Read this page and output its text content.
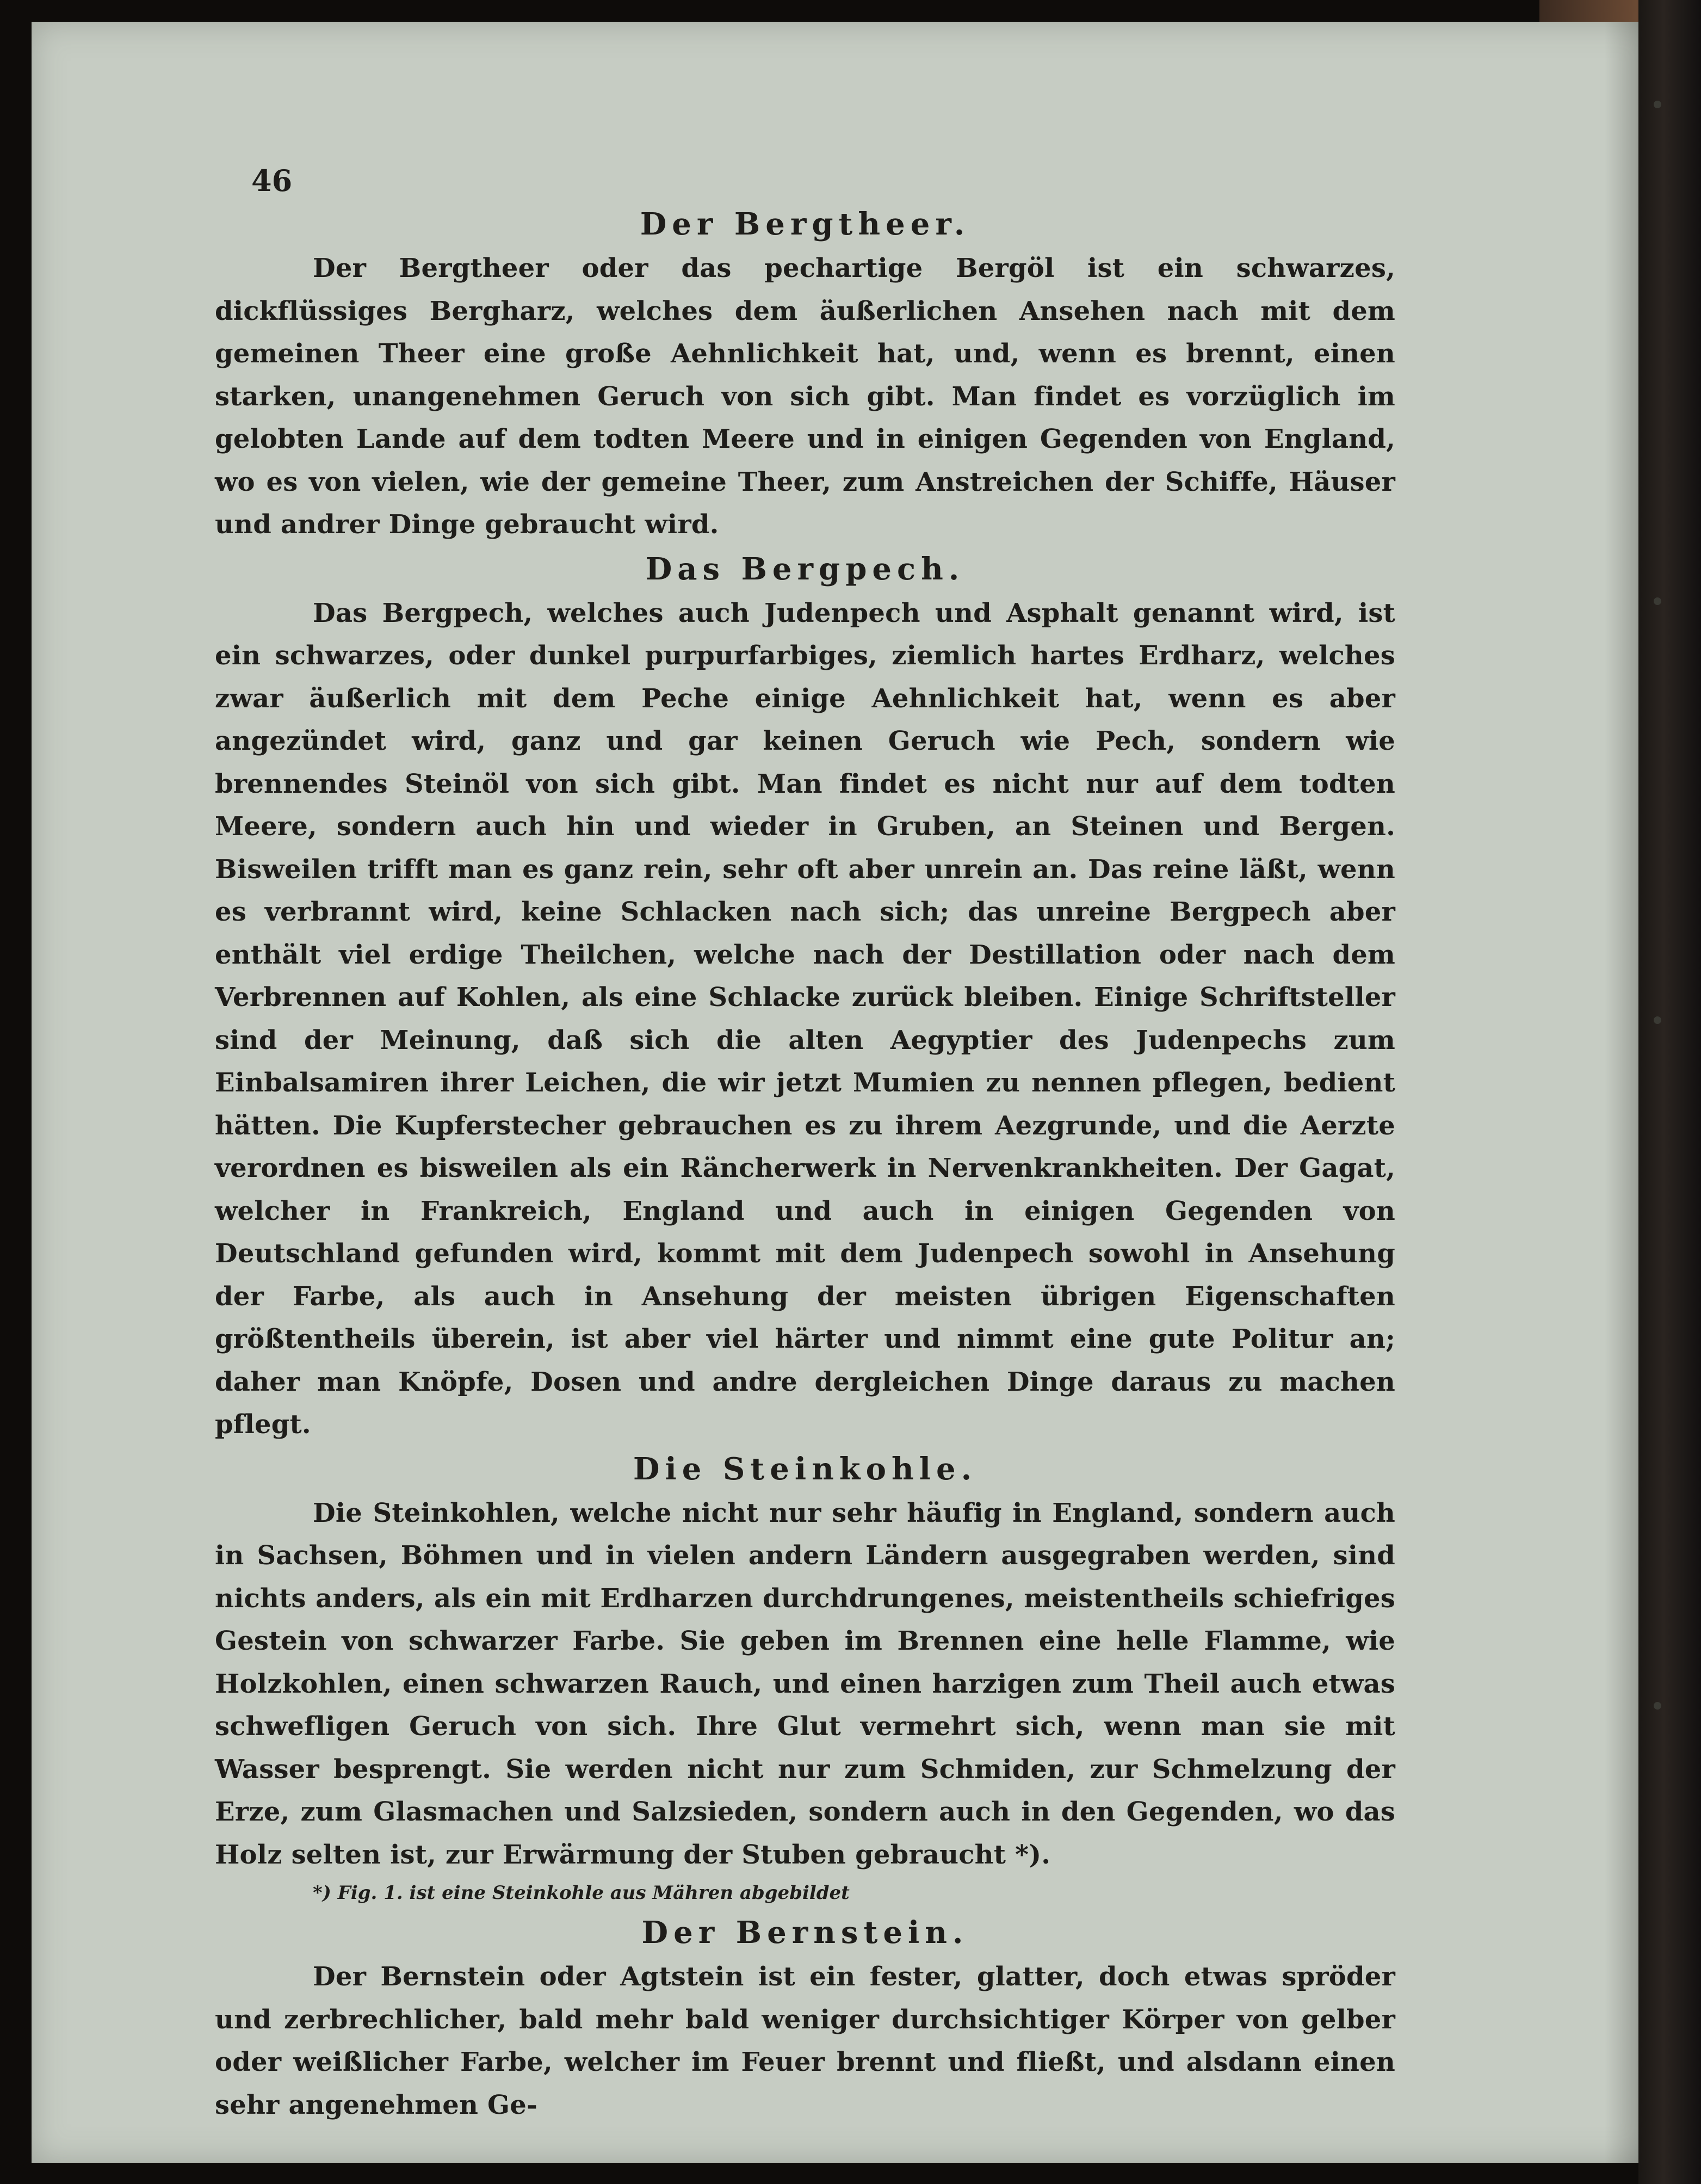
46
Der Bergtheer.

Der Bergtheer oder das pechartige Bergöl ist ein schwarzes, dickflüssiges Bergharz, welches dem äußerlichen Ansehen nach mit dem gemeinen Theer eine große Aehnlichkeit hat, und, wenn es brennt, einen starken, unangenehmen Geruch von sich gibt. Man findet es vorzüglich im gelobten Lande auf dem todten Meere und in einigen Gegenden von England, wo es von vielen, wie der gemeine Theer, zum Anstreichen der Schiffe, Häuser und andrer Dinge gebraucht wird.

Das Bergpech.

Das Bergpech, welches auch Judenpech und Asphalt genannt wird, ist ein schwarzes, oder dunkel purpurfarbiges, ziemlich hartes Erdharz, welches zwar äußerlich mit dem Peche einige Aehnlichkeit hat, wenn es aber angezündet wird, ganz und gar keinen Geruch wie Pech, sondern wie brennendes Steinöl von sich gibt. Man findet es nicht nur auf dem todten Meere, sondern auch hin und wieder in Gruben, an Steinen und Bergen. Bisweilen trifft man es ganz rein, sehr oft aber unrein an. Das reine läßt, wenn es verbrannt wird, keine Schlacken nach sich; das unreine Bergpech aber enthält viel erdige Theilchen, welche nach der Destillation oder nach dem Verbrennen auf Kohlen, als eine Schlacke zurück bleiben. Einige Schriftsteller sind der Meinung, daß sich die alten Aegyptier des Judenpechs zum Einbalsamiren ihrer Leichen, die wir jetzt Mumien zu nennen pflegen, bedient hätten. Die Kupferstecher gebrauchen es zu ihrem Aezgrunde, und die Aerzte verordnen es bisweilen als ein Räncherwerk in Nervenkrankheiten. Der Gagat, welcher in Frankreich, England und auch in einigen Gegenden von Deutschland gefunden wird, kommt mit dem Judenpech sowohl in Ansehung der Farbe, als auch in Ansehung der meisten übrigen Eigenschaften größtentheils überein, ist aber viel härter und nimmt eine gute Politur an; daher man Knöpfe, Dosen und andre dergleichen Dinge daraus zu machen pflegt.

Die Steinkohle.

Die Steinkohlen, welche nicht nur sehr häufig in England, sondern auch in Sachsen, Böhmen und in vielen andern Ländern ausgegraben werden, sind nichts anders, als ein mit Erdharzen durchdrungenes, meistentheils schiefriges Gestein von schwarzer Farbe. Sie geben im Brennen eine helle Flamme, wie Holzkohlen, einen schwarzen Rauch, und einen harzigen zum Theil auch etwas schwefligen Geruch von sich. Ihre Glut vermehrt sich, wenn man sie mit Wasser besprengt. Sie werden nicht nur zum Schmiden, zur Schmelzung der Erze, zum Glasmachen und Salzsieden, sondern auch in den Gegenden, wo das Holz selten ist, zur Erwärmung der Stuben gebraucht *).

*) Fig. 1. ist eine Steinkohle aus Mähren abgebildet

Der Bernstein.

Der Bernstein oder Agtstein ist ein fester, glatter, doch etwas spröder und zerbrechlicher, bald mehr bald weniger durchsichtiger Körper von gelber oder weißlicher Farbe, welcher im Feuer brennt und fließt, und alsdann einen sehr angenehmen Ge-
